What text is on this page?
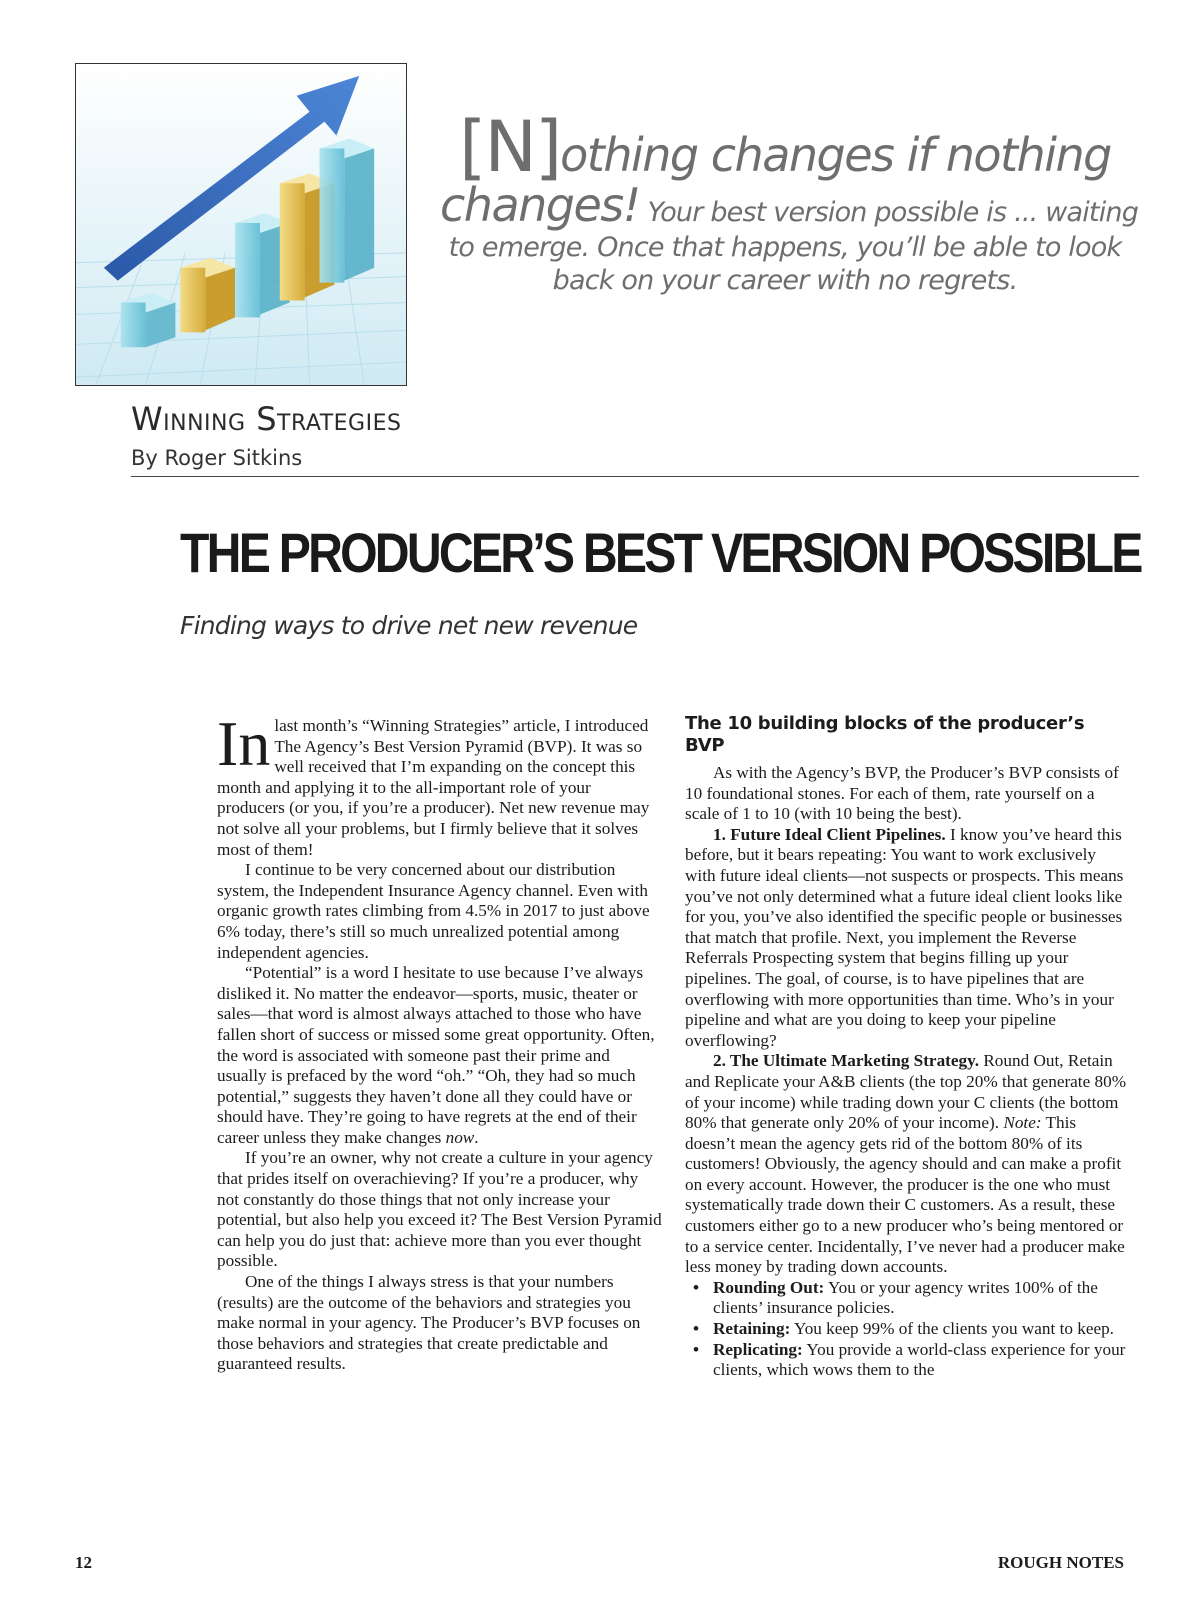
[N]othing changes if nothing
changes! Your best version possible is ... waiting
to emerge. Once that happens, you’ll be able to look
back on your career with no regrets.
Winning Strategies
By Roger Sitkins
THE PRODUCER’S BEST VERSION POSSIBLE
Finding ways to drive net new revenue

In last month’s “Winning Strategies” article, I introduced The Agency’s Best Version Pyramid (BVP). It was so well received that I’m expanding on the concept this month and applying it to the all-important role of your producers (or you, if you’re a producer). Net new revenue may not solve all your problems, but I firmly believe that it solves most of them!

I continue to be very concerned about our distribution system, the Independent Insurance Agency channel. Even with organic growth rates climbing from 4.5% in 2017 to just above 6% today, there’s still so much unrealized potential among independent agencies.

“Potential” is a word I hesitate to use because I’ve always disliked it. No matter the endeavor—sports, music, theater or sales—that word is almost always attached to those who have fallen short of success or missed some great opportunity. Often, the word is associated with someone past their prime and usually is prefaced by the word “oh.” “Oh, they had so much potential,” suggests they haven’t done all they could have or should have. They’re going to have regrets at the end of their career unless they make changes now.

If you’re an owner, why not create a culture in your agency that prides itself on overachieving? If you’re a producer, why not constantly do those things that not only increase your potential, but also help you exceed it? The Best Version Pyramid can help you do just that: achieve more than you ever thought possible.

One of the things I always stress is that your numbers (results) are the outcome of the behaviors and strategies you make normal in your agency. The Producer’s BVP focuses on those behaviors and strategies that create predictable and guaranteed results.

The 10 building blocks of the producer’s BVP

As with the Agency’s BVP, the Producer’s BVP consists of 10 foundational stones. For each of them, rate yourself on a scale of 1 to 10 (with 10 being the best).

1. Future Ideal Client Pipelines. I know you’ve heard this before, but it bears repeating: You want to work exclusively with future ideal clients—not suspects or prospects. This means you’ve not only determined what a future ideal client looks like for you, you’ve also identified the specific people or businesses that match that profile. Next, you implement the Reverse Referrals Prospecting system that begins filling up your pipelines. The goal, of course, is to have pipelines that are overflowing with more opportunities than time. Who’s in your pipeline and what are you doing to keep your pipeline overflowing?

2. The Ultimate Marketing Strategy. Round Out, Retain and Replicate your A&B clients (the top 20% that generate 80% of your income) while trading down your C clients (the bottom 80% that generate only 20% of your income). Note: This doesn’t mean the agency gets rid of the bottom 80% of its customers! Obviously, the agency should and can make a profit on every account. However, the producer is the one who must systematically trade down their C customers. As a result, these customers either go to a new producer who’s being mentored or to a service center. Incidentally, I’ve never had a producer make less money by trading down accounts.

• Rounding Out: You or your agency writes 100% of the clients’ insurance policies.
• Retaining: You keep 99% of the clients you want to keep.
• Replicating: You provide a world-class experience for your clients, which wows them to the
12	ROUGH NOTES
